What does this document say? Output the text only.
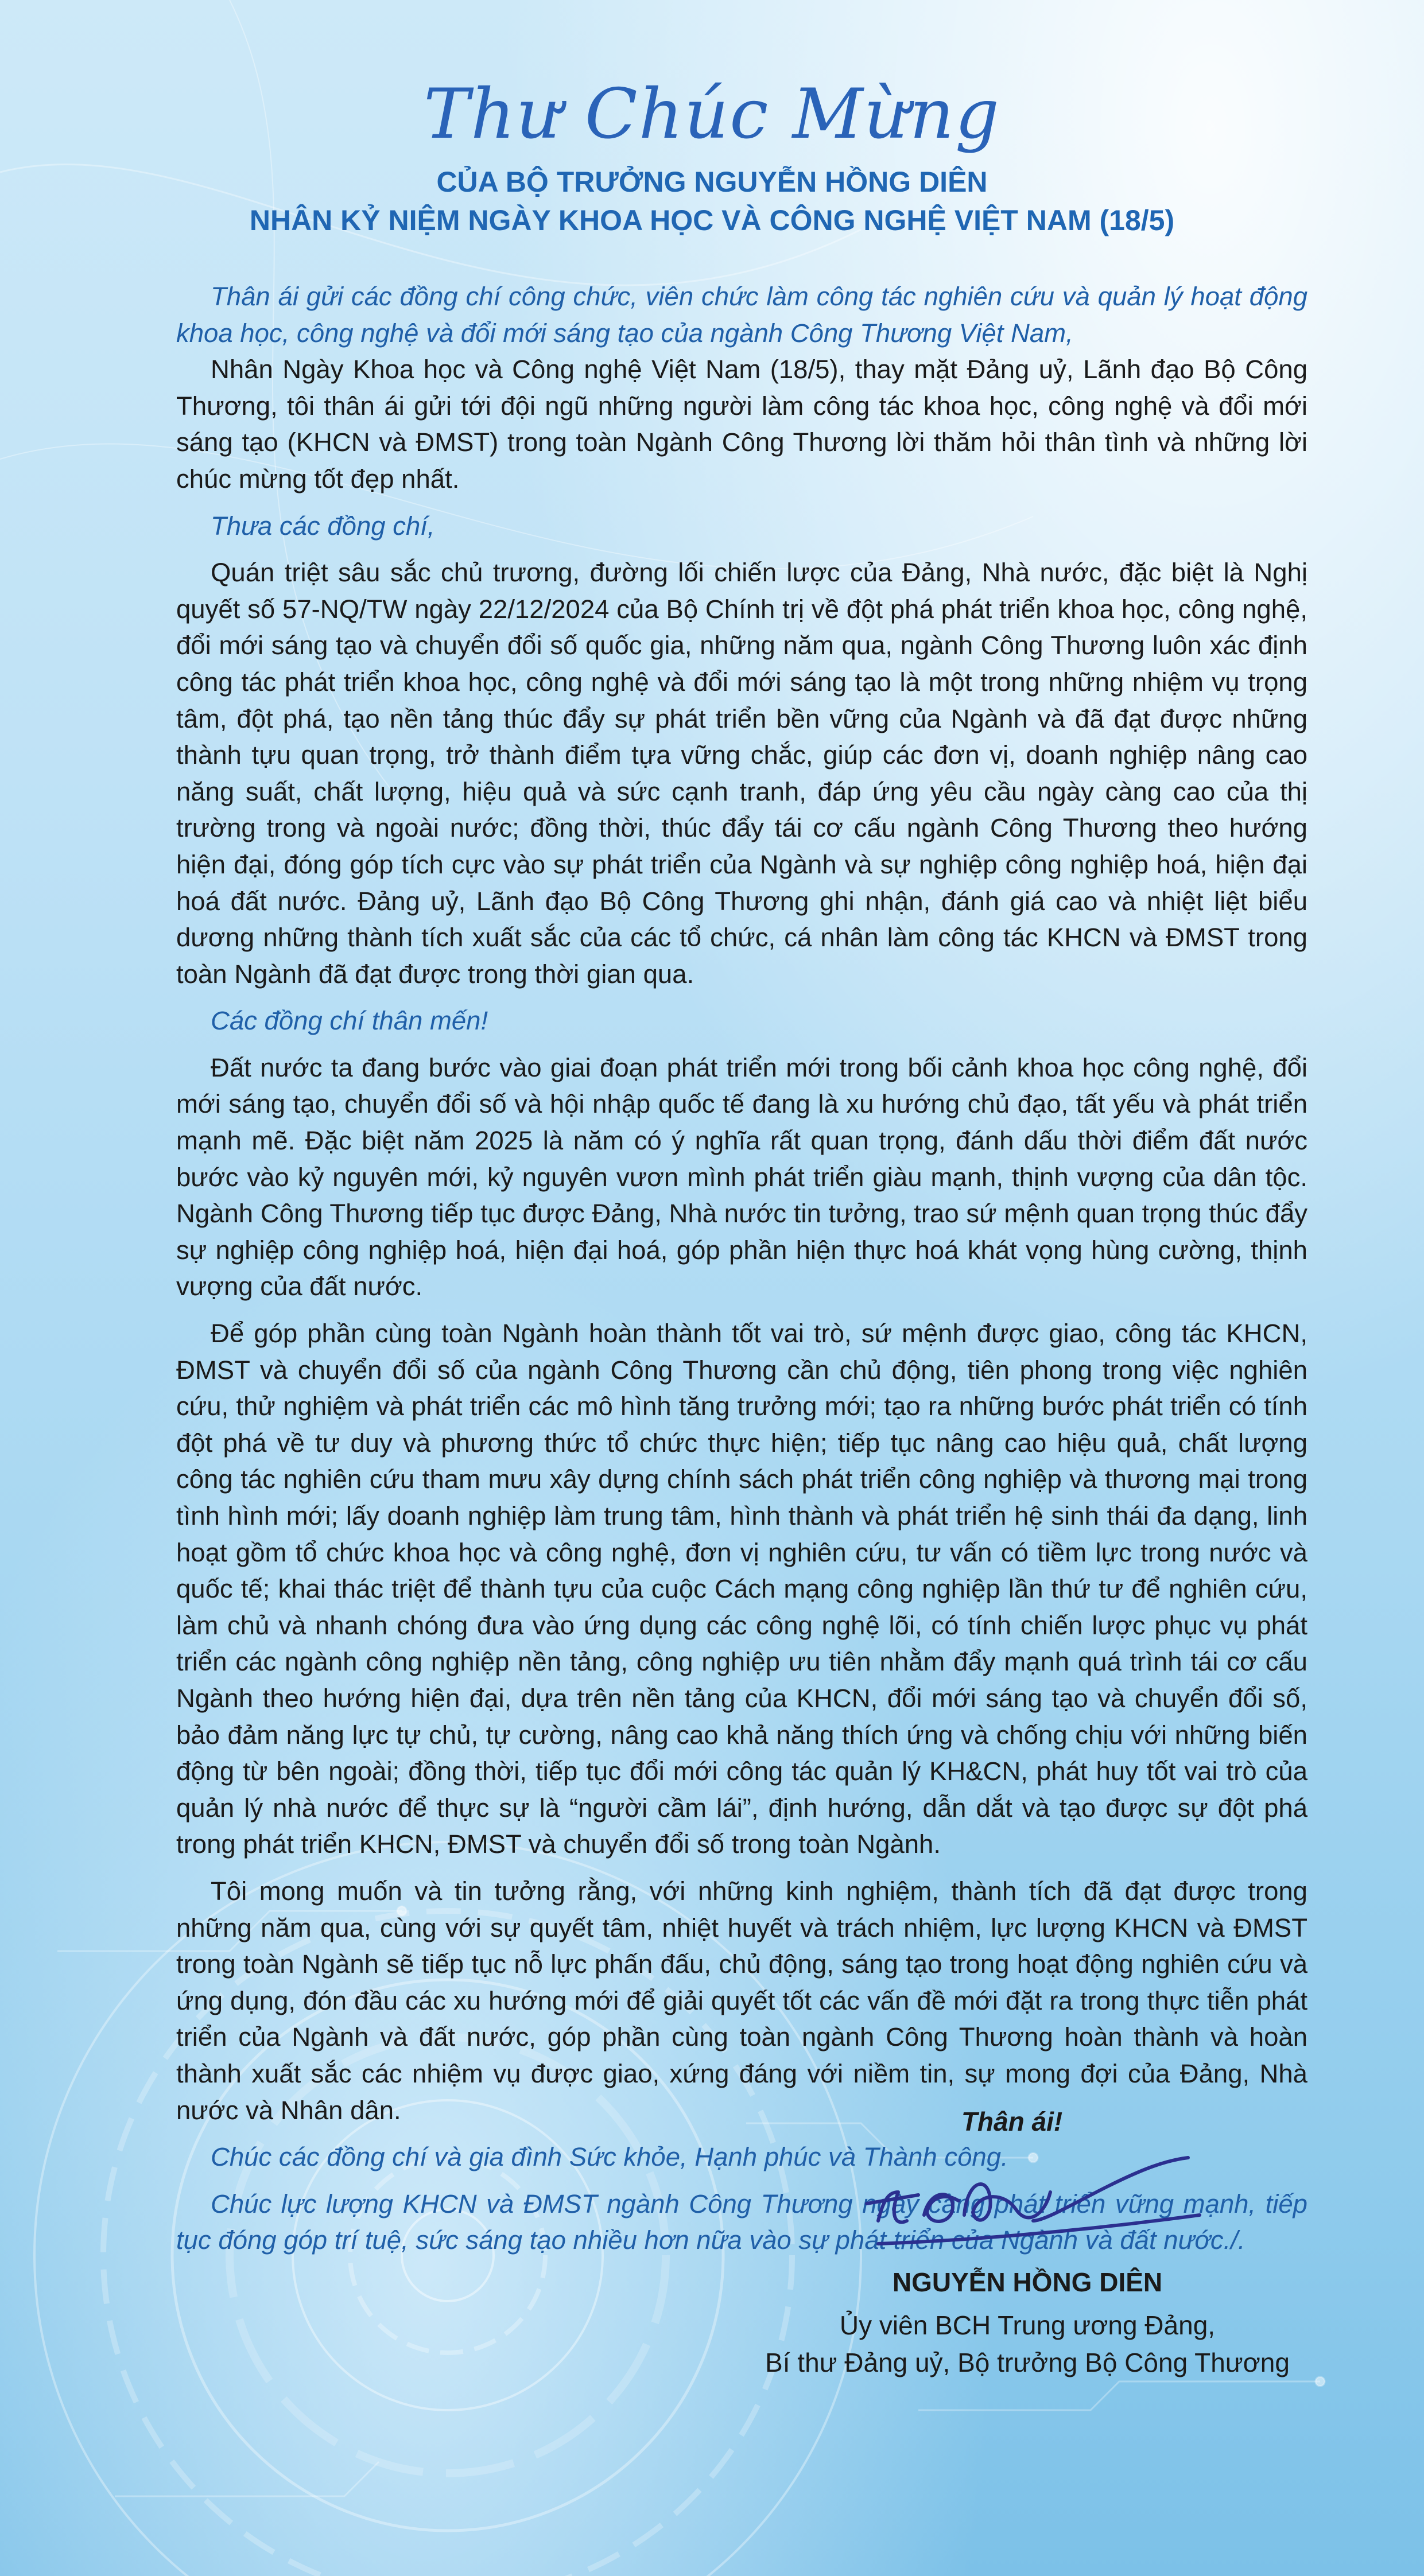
Thư Chúc Mừng
CỦA BỘ TRƯỞNG NGUYỄN HỒNG DIÊN
NHÂN KỶ NIỆM NGÀY KHOA HỌC VÀ CÔNG NGHỆ VIỆT NAM (18/5)

Thân ái gửi các đồng chí công chức, viên chức làm công tác nghiên cứu và quản lý hoạt động khoa học, công nghệ và đổi mới sáng tạo của ngành Công Thương Việt Nam,

Nhân Ngày Khoa học và Công nghệ Việt Nam (18/5), thay mặt Đảng uỷ, Lãnh đạo Bộ Công Thương, tôi thân ái gửi tới đội ngũ những người làm công tác khoa học, công nghệ và đổi mới sáng tạo (KHCN và ĐMST) trong toàn Ngành Công Thương lời thăm hỏi thân tình và những lời chúc mừng tốt đẹp nhất.

Thưa các đồng chí,

Quán triệt sâu sắc chủ trương, đường lối chiến lược của Đảng, Nhà nước, đặc biệt là Nghị quyết số 57-NQ/TW ngày 22/12/2024 của Bộ Chính trị về đột phá phát triển khoa học, công nghệ, đổi mới sáng tạo và chuyển đổi số quốc gia, những năm qua, ngành Công Thương luôn xác định công tác phát triển khoa học, công nghệ và đổi mới sáng tạo là một trong những nhiệm vụ trọng tâm, đột phá, tạo nền tảng thúc đẩy sự phát triển bền vững của Ngành và đã đạt được những thành tựu quan trọng, trở thành điểm tựa vững chắc, giúp các đơn vị, doanh nghiệp nâng cao năng suất, chất lượng, hiệu quả và sức cạnh tranh, đáp ứng yêu cầu ngày càng cao của thị trường trong và ngoài nước; đồng thời, thúc đẩy tái cơ cấu ngành Công Thương theo hướng hiện đại, đóng góp tích cực vào sự phát triển của Ngành và sự nghiệp công nghiệp hoá, hiện đại hoá đất nước. Đảng uỷ, Lãnh đạo Bộ Công Thương ghi nhận, đánh giá cao và nhiệt liệt biểu dương những thành tích xuất sắc của các tổ chức, cá nhân làm công tác KHCN và ĐMST trong toàn Ngành đã đạt được trong thời gian qua.

Các đồng chí thân mến!

Đất nước ta đang bước vào giai đoạn phát triển mới trong bối cảnh khoa học công nghệ, đổi mới sáng tạo, chuyển đổi số và hội nhập quốc tế đang là xu hướng chủ đạo, tất yếu và phát triển mạnh mẽ. Đặc biệt năm 2025 là năm có ý nghĩa rất quan trọng, đánh dấu thời điểm đất nước bước vào kỷ nguyên mới, kỷ nguyên vươn mình phát triển giàu mạnh, thịnh vượng của dân tộc. Ngành Công Thương tiếp tục được Đảng, Nhà nước tin tưởng, trao sứ mệnh quan trọng thúc đẩy sự nghiệp công nghiệp hoá, hiện đại hoá, góp phần hiện thực hoá khát vọng hùng cường, thịnh vượng của đất nước.

Để góp phần cùng toàn Ngành hoàn thành tốt vai trò, sứ mệnh được giao, công tác KHCN, ĐMST và chuyển đổi số của ngành Công Thương cần chủ động, tiên phong trong việc nghiên cứu, thử nghiệm và phát triển các mô hình tăng trưởng mới; tạo ra những bước phát triển có tính đột phá về tư duy và phương thức tổ chức thực hiện; tiếp tục nâng cao hiệu quả, chất lượng công tác nghiên cứu tham mưu xây dựng chính sách phát triển công nghiệp và thương mại trong tình hình mới; lấy doanh nghiệp làm trung tâm, hình thành và phát triển hệ sinh thái đa dạng, linh hoạt gồm tổ chức khoa học và công nghệ, đơn vị nghiên cứu, tư vấn có tiềm lực trong nước và quốc tế; khai thác triệt để thành tựu của cuộc Cách mạng công nghiệp lần thứ tư để nghiên cứu, làm chủ và nhanh chóng đưa vào ứng dụng các công nghệ lõi, có tính chiến lược phục vụ phát triển các ngành công nghiệp nền tảng, công nghiệp ưu tiên nhằm đẩy mạnh quá trình tái cơ cấu Ngành theo hướng hiện đại, dựa trên nền tảng của KHCN, đổi mới sáng tạo và chuyển đổi số, bảo đảm năng lực tự chủ, tự cường, nâng cao khả năng thích ứng và chống chịu với những biến động từ bên ngoài; đồng thời, tiếp tục đổi mới công tác quản lý KH&CN, phát huy tốt vai trò của quản lý nhà nước để thực sự là “người cầm lái”, định hướng, dẫn dắt và tạo được sự đột phá trong phát triển KHCN, ĐMST và chuyển đổi số trong toàn Ngành.

Tôi mong muốn và tin tưởng rằng, với những kinh nghiệm, thành tích đã đạt được trong những năm qua, cùng với sự quyết tâm, nhiệt huyết và trách nhiệm, lực lượng KHCN và ĐMST trong toàn Ngành sẽ tiếp tục nỗ lực phấn đấu, chủ động, sáng tạo trong hoạt động nghiên cứu và ứng dụng, đón đầu các xu hướng mới để giải quyết tốt các vấn đề mới đặt ra trong thực tiễn phát triển của Ngành và đất nước, góp phần cùng toàn ngành Công Thương hoàn thành và hoàn thành xuất sắc các nhiệm vụ được giao, xứng đáng với niềm tin, sự mong đợi của Đảng, Nhà nước và Nhân dân.

Chúc các đồng chí và gia đình Sức khỏe, Hạnh phúc và Thành công.

Chúc lực lượng KHCN và ĐMST ngành Công Thương ngày càng phát triển vững mạnh, tiếp tục đóng góp trí tuệ, sức sáng tạo nhiều hơn nữa vào sự phát triển của Ngành và đất nước./.

Thân ái!
NGUYỄN HỒNG DIÊN
Ủy viên BCH Trung ương Đảng,
Bí thư Đảng uỷ, Bộ trưởng Bộ Công Thương
